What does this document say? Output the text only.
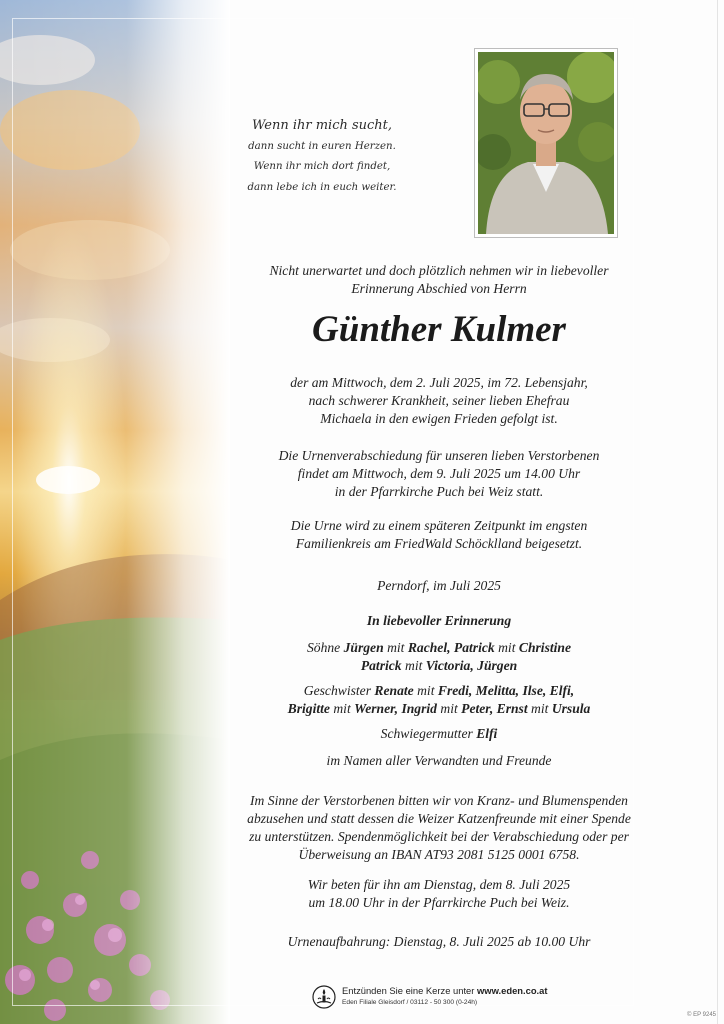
Wenn ihr mich sucht,
dann sucht in euren Herzen.
Wenn ihr mich dort findet,
dann lebe ich in euch weiter.
Nicht unerwartet und doch plötzlich nehmen wir in liebevoller
Erinnerung Abschied von Herrn
Günther Kulmer
der am Mittwoch, dem 2. Juli 2025, im 72. Lebensjahr,
nach schwerer Krankheit, seiner lieben Ehefrau
Michaela in den ewigen Frieden gefolgt ist.
Die Urnenverabschiedung für unseren lieben Verstorbenen
findet am Mittwoch, dem 9. Juli 2025 um 14.00 Uhr
in der Pfarrkirche Puch bei Weiz statt.
Die Urne wird zu einem späteren Zeitpunkt im engsten
Familienkreis am FriedWald Schöcklland beigesetzt.
Perndorf, im Juli 2025
In liebevoller Erinnerung
Söhne Jürgen mit Rachel, Patrick mit Christine
Patrick mit Victoria, Jürgen
Geschwister Renate mit Fredi, Melitta, Ilse, Elfi,
Brigitte mit Werner, Ingrid mit Peter, Ernst mit Ursula
Schwiegermutter Elfi
im Namen aller Verwandten und Freunde
Im Sinne der Verstorbenen bitten wir von Kranz- und Blumenspenden
abzusehen und statt dessen die Weizer Katzenfreunde mit einer Spende
zu unterstützen. Spendenmöglichkeit bei der Verabschiedung oder per
Überweisung an IBAN AT93 2081 5125 0001 6758.
Wir beten für ihn am Dienstag, dem 8. Juli 2025
um 18.00 Uhr in der Pfarrkirche Puch bei Weiz.
Urnenaufbahrung: Dienstag, 8. Juli 2025 ab 10.00 Uhr
Entzünden Sie eine Kerze unter www.eden.co.at
Eden Filiale Gleisdorf / 03112 - 50 300 (0-24h)
© EP 9245
